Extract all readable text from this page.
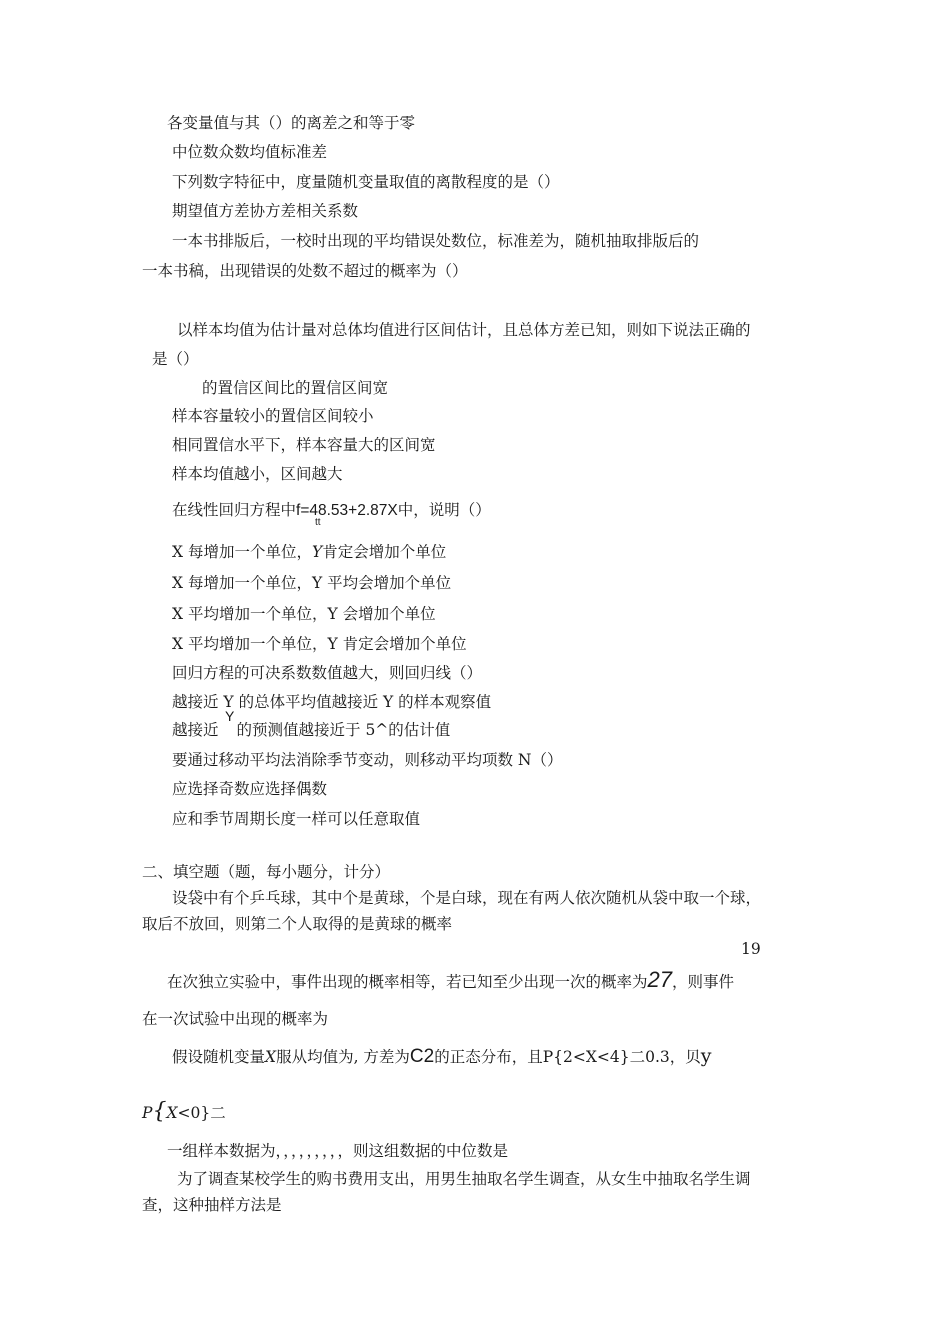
各变量值与其（）的离差之和等于零
中位数众数均值标准差
下列数字特征中，度量随机变量取值的离散程度的是（）
期望值方差协方差相关系数
一本书排版后，一校时出现的平均错误处数位，标准差为，随机抽取排版后的
一本书稿，出现错误的处数不超过的概率为（）
以样本均值为估计量对总体均值进行区间估计，且总体方差已知，则如下说法正确的
是（）
的置信区间比的置信区间宽
样本容量较小的置信区间较小
相同置信水平下，样本容量大的区间宽
样本均值越小，区间越大
在线性回归方程中f=48.53+2.87X中，说明（）
tt
X 每增加一个单位，Y肯定会增加个单位
X 每增加一个单位，Y 平均会增加个单位
X 平均增加一个单位，Y 会增加个单位
X 平均增加一个单位，Y 肯定会增加个单位
回归方程的可决系数数值越大，则回归线（）
越接近 Y 的总体平均值越接近 Y 的样本观察值
越接近 的预测值越接近于 5^的估计值
Y
要通过移动平均法消除季节变动，则移动平均项数 N（）
应选择奇数应选择偶数
应和季节周期长度一样可以任意取值
二、填空题（题，每小题分，计分）
设袋中有个乒乓球，其中个是黄球，个是白球，现在有两人依次随机从袋中取一个球，
取后不放回，则第二个人取得的是黄球的概率
19
在次独立实验中，事件出现的概率相等，若已知至少出现一次的概率为27，则事件
在一次试验中出现的概率为
假设随机变量X服从均值为, 方差为C2的正态分布，且P{2<X<4}二0.3，贝y
P{X<0}二
一组样本数据为，，，，，，，，，则这组数据的中位数是
为了调查某校学生的购书费用支出，用男生抽取名学生调查，从女生中抽取名学生调
查，这种抽样方法是
